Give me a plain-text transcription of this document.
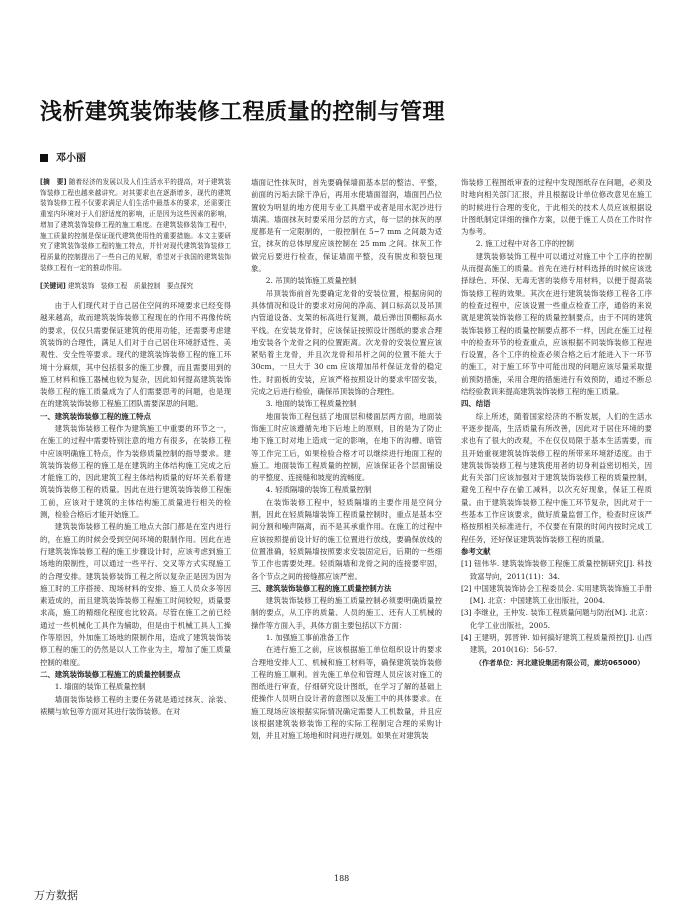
浅析建筑装饰装修工程质量的控制与管理
邓小丽

[摘　要] 随着经济的发展以及人们生活水平的提高，对于建筑装饰装修工程也越来越讲究。对其要求也在逐渐增多，现代的建筑装饰装修工程不仅要求满足人们生活中最基本的要求，还需要注重室内环境对于人们舒适度的影响，正是因为这些因素的影响，增加了建筑装饰装修工程的施工难度。在建筑装修装饰工程中，施工质量的控制是保证现代建筑使用性的重要措施。本文主要研究了建筑装饰装修工程的施工特点，并针对现代建筑装饰装修工程质量的控制提出了一些自己的见解，希望对于我国的建筑装饰装修工程有一定的推动作用。

[关键词] 建筑装饰　装修工程　质量控制　要点探究

由于人们现代对于自己居住空间的环境要求已经变得越来越高，故而建筑装饰装修工程现在的作用不再像传统的要求，仅仅只需要保证建筑的使用功能，还需要考虑建筑装饰的合理性，满足人们对于自己居住环境舒适性、美观性、安全性等要求。现代的建筑装饰装修工程的施工环境十分麻烦，其中包括很多的施工步骤，而且需要用到的施工材料和施工器械也较为复杂，因此如何提高建筑装饰装修工程的施工质量成为了人们需要思考的问题，也是现在的建筑装饰装修工程施工团队需要深思的问题。

一、建筑装饰装修工程的施工特点

建筑装饰装修工程作为建筑施工中重要的环节之一，在施工的过程中需要特别注意的地方有很多，在装修工程中应该明确施工特点，作为装修质量控制的指导要求。建筑装饰装修工程的施工是在建筑的主体结构施工完成之后才能施工的，因此建筑工程主体结构质量的好坏关系着建筑装饰装修工程的质量。因此在进行建筑装饰装修工程施工前，应该对于建筑的主体结构施工质量进行相关的检测，检验合格后才能开始施工。

建筑装饰装修工程的施工地点大部门都是在室内进行的，在施工的时候会受到空间环境的限制作用。因此在进行建筑装饰装修工程的施工步骤设计时，应该考虑到施工场地的限制性，可以通过一些平行、交叉等方式实现施工的合理安排。建筑装修装饰工程之所以复杂正是因为因为施工时的工序搭接、现场材料的安排、施工人员众多等因素造成的，而且建筑装饰装修工程施工时间较短，质量要求高，施工的精细化程度也比较高。尽管在施工之前已经通过一些机械化工具作为辅助，但是由于机械工具人工操作等原因，外加施工场地的限制作用，造成了建筑装饰装修工程的施工的仍然是以人工作业为主，增加了施工质量控制的难度。

二、建筑装饰装修工程施工的质量控制要点
1. 墙面的装饰工程质量控制

墙面装饰装修工程的主要任务就是通过抹灰、涂装、裱糊与软包等方面对其进行装饰装修。在对

墙面记性抹灰时，首先要确保墙面基本层的整洁、平整，前面的污垢去除干净后，再用水使墙面湿润，墙面凹凸位置较为明显的地方使用专业工具磨平或者是用水泥沙进行填满。墙面抹灰时要采用分层的方式，每一层的抹灰的厚度都是有一定限制的，一般控制在 5~7 mm 之间最为适宜，抹灰的总体厚度应该控制在 25 mm 之间。抹灰工作做完后要进行检查，保证墙面平整，没有脱皮和裂包现象。

2. 吊顶的装饰施工质量控制

吊顶装饰前首先要确定龙骨的安装位置，根据房间的具体情况和设计的要求对房间的净高、洞口标高以及吊顶内管道设备、支架的标高进行复测，最后弹出顶棚标高水平线。在安装龙骨时，应该保证按照设计图纸的要求合理地安装各个龙骨之间的位置距离。次龙骨的安装位置应该紧贴着主龙骨，并且次龙骨和吊杆之间的位置不能大于 30cm，一旦大于 30 cm 应该增加吊杆保证龙骨的稳定性。时面板的安装，应该严格按照设计的要求牢固安装，完成之后进行检验，确保吊顶装饰的合理性。

3. 地面的装饰工程质量控制

地面装饰工程包括了地面层和楼面层两方面，地面装饰施工时应该遵循先地下后地上的原则，目的是为了防止地下施工时对地上造成一定的影响，在地下的沟槽、暗管等工作完工后，如果检验合格才可以继续进行地面工程的施工。地面装饰工程质量的控制，应该保证各个层面铺设的平整度、连接缝和坡度的流畅度。

4. 轻质隔墙的装饰工程质量控制

在装饰装修工程中，轻质隔墙的主要作用是空间分割，因此在轻质隔墙装饰工程质量控制时，重点是基本空间分割和噪声隔离，而不是其承重作用。在施工的过程中应该按照提前设计好的施工位置进行放线，要确保放线的位置准确，轻质隔墙按照要求安装固定后，后期的一些细节工作也需要处理。轻质隔墙和龙骨之间的连接要牢固，各个节点之间的接缝都应该严密。

三、建筑装饰装修工程的施工质量控制方法

建筑装饰装修工程的施工质量控制必须要明确质量控制的要点，从工序的质量、人员的施工、还有人工机械的操作等方面入手，具体方面主要包括以下方面：

1. 加强施工事前准备工作

在进行施工之前，应该根据施工单位组织设计的要求合理地安排人工、机械和施工材料等，确保建筑装饰装修工程的施工顺利。首先施工单位和管理人员应该对施工的图纸进行审查，仔细研究设计图纸，在学习了解的基础上使操作人员明白设计者的意图以及施工中的具体要求。在施工现场应该根据实际情况确定需要人工机数量，并且应该根据建筑装修装饰工程的实际工程制定合理的采购计划，并且对施工场地和时间进行规划。如果在对建筑装

饰装修工程图纸审查的过程中发现图纸存在问题，必须及时地向相关部门汇报，并且根据设计单位修改意见在施工的时候进行合理的变化，于此相关的技术人员应该根据设计图纸制定详细的操作方案，以便于施工人员在工作时作为参考。

2. 施工过程中对各工序的控制

建筑装修装饰工程中可以通过对施工中个工序的控制从而提高施工的质量。首先在进行材料选择的时候应该选择绿色、环保、无毒无害的装修专用材料，以便于提高装饰装修工程的效果。其次在进行建筑装饰装修工程各工序的检查过程中，应该设置一些重点检查工序，通俗的来说就是建筑装饰装修工程的质量控制要点，由于不同的建筑装饰装修工程的质量控制要点都不一样，因此在施工过程中的检查环节的检查重点，应该根据不同装饰装修工程进行设置，各个工序的检查必须合格之后才能进入下一环节的施工，对于施工环节中可能出现的问题应该尽量采取提前预防措施，采用合理的措施进行有效预防，通过不断总结经验教训来提高建筑装饰装修工程的施工质量。

四、结语

综上所述，随着国家经济的不断发展，人们的生活水平逐步提高，生活质量有所改善，因此对于居住环境的要求也有了很大的改观，不在仅仅局限于基本生活需要，而且开始重视建筑装饰装修工程的所带来环境舒适度。由于建筑装饰装修工程与建筑使用者的切身利益密切相关，因此有关部门应该加强对于建筑装饰装修工程的质量控制，避免工程中存在偷工减料，以次充好现象，保证工程质量。由于建筑装饰装修工程中施工环节复杂，因此对于一些基本工作应该要求，做好质量监督工作，检查时应该严格按照相关标准进行，不仅要在有限的时间内按时完成工程任务，还好保证建筑装饰装修工程的质量。

参考文献

[1] 钮伟华. 建筑装饰装修工程施工质量控制研究[J]. 科技致富导向，2011(11)：34.

[2] 中国建筑装饰协会工程委员会. 实用建筑装饰施工手册[M]. 北京：中国建筑工业出版社，2004.

[3] 李继业，王仲发. 装饰工程质量问题与防治[M]. 北京：化学工业出版社，2005.

[4] 王建明，郭晋钟. 如何搞好建筑工程质量预控[J]. 山西建筑，2010(16)：56-57.

（作者单位：河北建设集团有限公司，廊坊065000）

188
万方数据
